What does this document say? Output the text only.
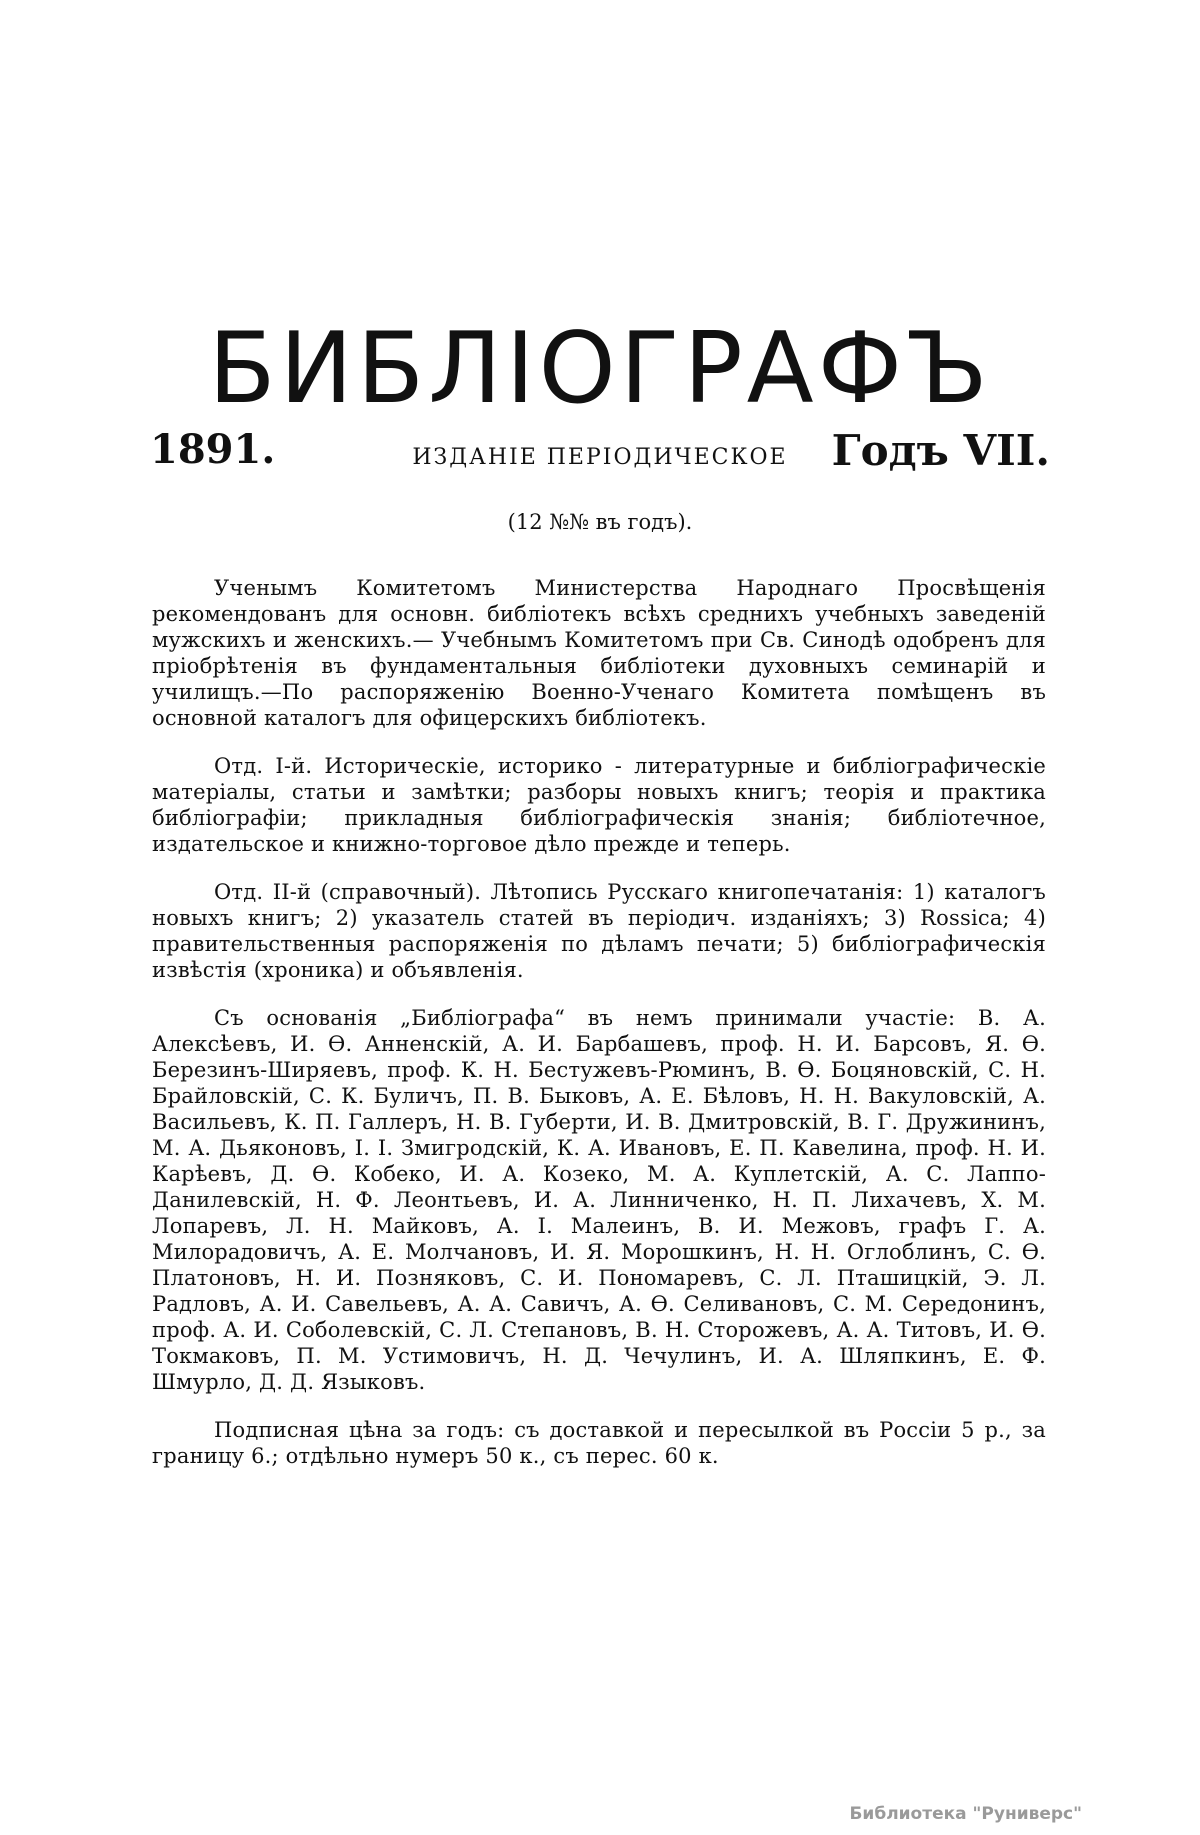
БИБЛІОГРАФЪ
1891.	ИЗДАНІЕ ПЕРІОДИЧЕСКОЕ	Годъ VII.
(12 №№ въ годъ).

Ученымъ Комитетомъ Министерства Народнаго Просвѣщенія рекомендованъ для основн. библіотекъ всѣхъ среднихъ учебныхъ заведеній мужскихъ и женскихъ.— Учебнымъ Комитетомъ при Св. Синодѣ одобренъ для пріобрѣтенія въ фундаментальныя библіотеки духовныхъ семинарій и училищъ.—По распоряженію Военно-Ученаго Комитета помѣщенъ въ основной каталогъ для офицерскихъ библіотекъ.

Отд. І-й. Историческіе, историко - литературные и библіографическіе матеріалы, статьи и замѣтки; разборы новыхъ книгъ; теорія и практика библіографіи; прикладныя библіографическія знанія; библіотечное, издательское и книжно-торговое дѣло прежде и теперь.

Отд. ІІ-й (справочный). Лѣтопись Русскаго книгопечатанія: 1) каталогъ новыхъ книгъ; 2) указатель статей въ періодич. изданіяхъ; 3) Rossica; 4) правительственныя распоряженія по дѣламъ печати; 5) библіографическія извѣстія (хроника) и объявленія.

Съ основанія „Библіографа“ въ немъ принимали участіе: В. А. Алексѣевъ, И. Ѳ. Анненскій, А. И. Барбашевъ, проф. Н. И. Барсовъ, Я. Ѳ. Березинъ-Ширяевъ, проф. К. Н. Бестужевъ-Рюминъ, В. Ѳ. Боцяновскій, С. Н. Брайловскій, С. К. Буличъ, П. В. Быковъ, А. Е. Бѣловъ, Н. Н. Вакуловскій, А. Васильевъ, К. П. Галлеръ, Н. В. Губерти, И. В. Дмитровскій, В. Г. Дружининъ, М. А. Дьяконовъ, І. І. Змигродскій, К. А. Ивановъ, Е. П. Кавелина, проф. Н. И. Карѣевъ, Д. Ѳ. Кобеко, И. А. Козеко, М. А. Куплетскій, А. С. Лаппо-Данилевскій, Н. Ф. Леонтьевъ, И. А. Линниченко, Н. П. Лихачевъ, Х. М. Лопаревъ, Л. Н. Майковъ, А. І. Малеинъ, В. И. Межовъ, графъ Г. А. Милорадовичъ, А. Е. Молчановъ, И. Я. Морошкинъ, Н. Н. Оглоблинъ, С. Ѳ. Платоновъ, Н. И. Позняковъ, С. И. Пономаревъ, С. Л. Пташицкій, Э. Л. Радловъ, А. И. Савельевъ, А. А. Савичъ, А. Ѳ. Селивановъ, С. М. Середонинъ, проф. А. И. Соболевскій, С. Л. Степановъ, В. Н. Сторожевъ, А. А. Титовъ, И. Ѳ. Токмаковъ, П. М. Устимовичъ, Н. Д. Чечулинъ, И. А. Шляпкинъ, Е. Ф. Шмурло, Д. Д. Языковъ.

Подписная цѣна за годъ: съ доставкой и пересылкой въ Россіи 5 р., за границу 6.; отдѣльно нумеръ 50 к., съ перес. 60 к.

Библиотека "Руниверс"
